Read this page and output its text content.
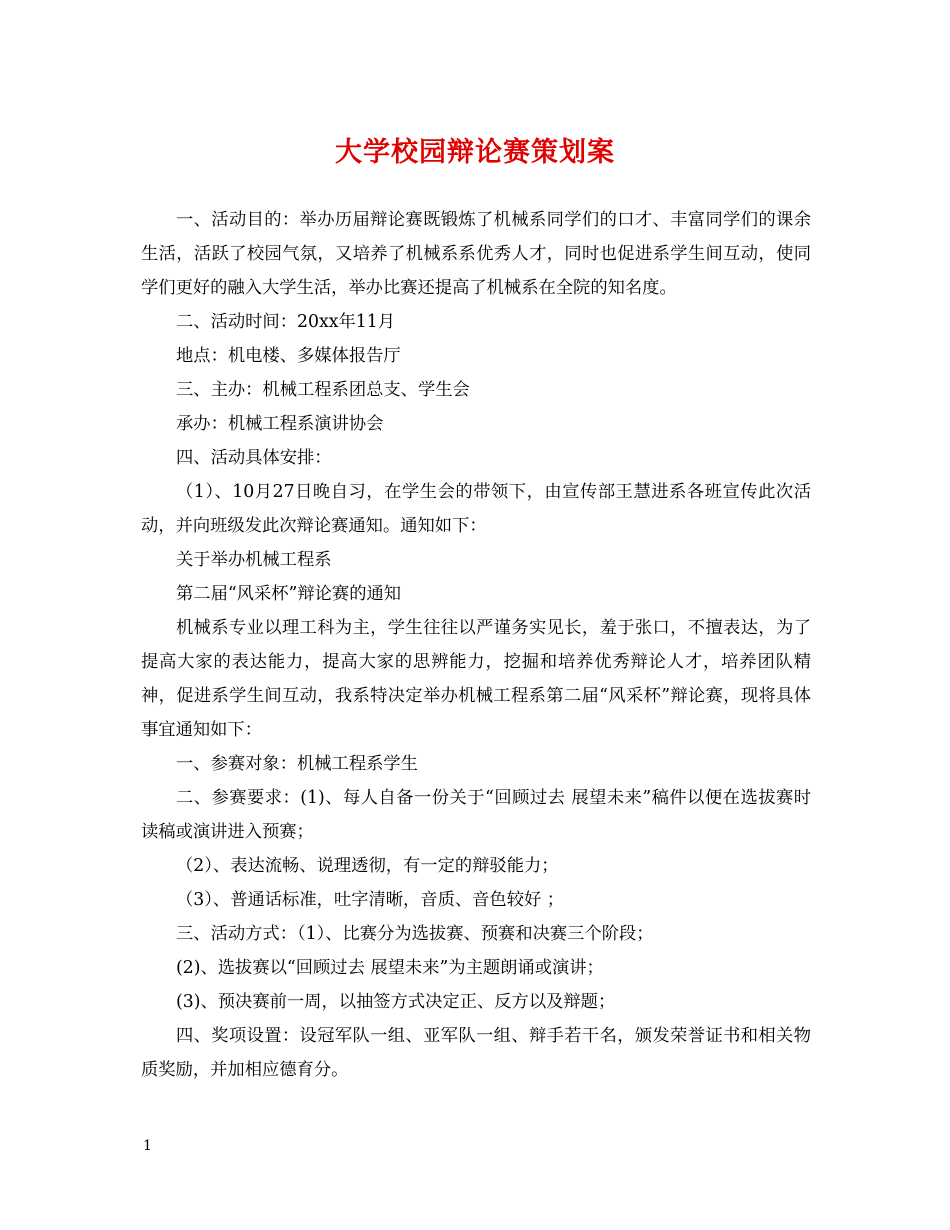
大学校园辩论赛策划案

一、活动目的：举办历届辩论赛既锻炼了机械系同学们的口才、丰富同学们的课余生活，活跃了校园气氛，又培养了机械系系优秀人才，同时也促进系学生间互动，使同学们更好的融入大学生活，举办比赛还提高了机械系在全院的知名度。

二、活动时间：20xx年11月

地点：机电楼、多媒体报告厅

三、主办：机械工程系团总支、学生会

承办：机械工程系演讲协会

四、活动具体安排：

（1）、10月27日晚自习，在学生会的带领下，由宣传部王慧进系各班宣传此次活动，并向班级发此次辩论赛通知。通知如下：

关于举办机械工程系

第二届“风采杯”辩论赛的通知

机械系专业以理工科为主，学生往往以严谨务实见长，羞于张口，不擅表达，为了提高大家的表达能力，提高大家的思辨能力，挖掘和培养优秀辩论人才，培养团队精神，促进系学生间互动，我系特决定举办机械工程系第二届“风采杯”辩论赛，现将具体事宜通知如下：

一、参赛对象：机械工程系学生

二、参赛要求：(1)、每人自备一份关于“回顾过去 展望未来”稿件以便在选拔赛时读稿或演讲进入预赛；

（2）、表达流畅、说理透彻，有一定的辩驳能力；

（3）、普通话标准，吐字清晰，音质、音色较好 ；

三、活动方式：（1）、比赛分为选拔赛、预赛和决赛三个阶段；

(2)、选拔赛以“回顾过去 展望未来”为主题朗诵或演讲；

(3)、预决赛前一周，以抽签方式决定正、反方以及辩题；

四、奖项设置：设冠军队一组、亚军队一组、辩手若干名，颁发荣誉证书和相关物质奖励，并加相应德育分。

1
